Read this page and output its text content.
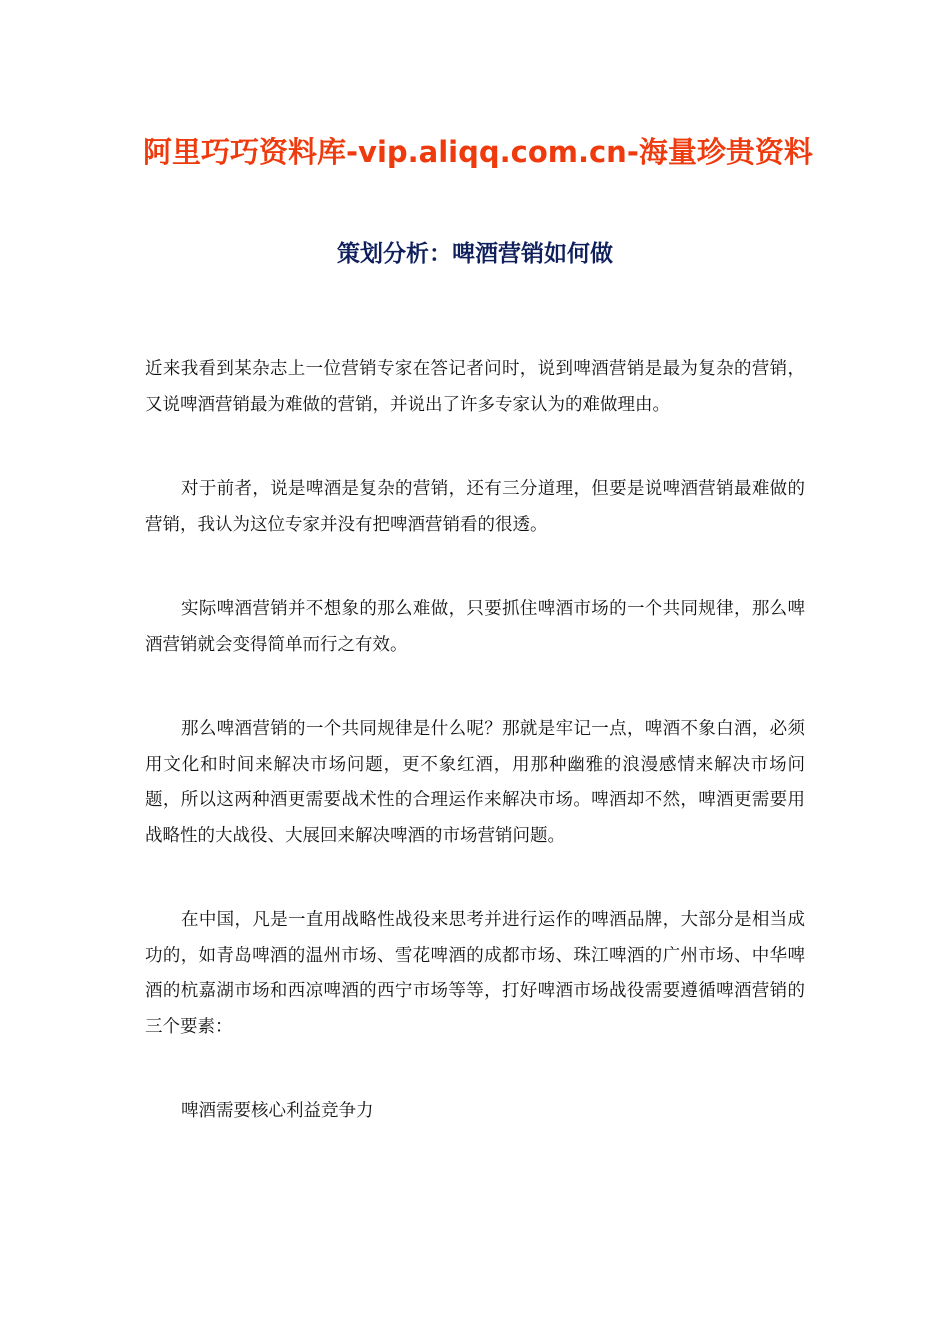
阿里巧巧资料库-vip.aliqq.com.cn-海量珍贵资料
策划分析：啤酒营销如何做

近来我看到某杂志上一位营销专家在答记者问时，说到啤酒营销是最为复杂的营销，又说啤酒营销最为难做的营销，并说出了许多专家认为的难做理由。

对于前者，说是啤酒是复杂的营销，还有三分道理，但要是说啤酒营销最难做的营销，我认为这位专家并没有把啤酒营销看的很透。

实际啤酒营销并不想象的那么难做，只要抓住啤酒市场的一个共同规律，那么啤酒营销就会变得简单而行之有效。

那么啤酒营销的一个共同规律是什么呢？那就是牢记一点，啤酒不象白酒，必须用文化和时间来解决市场问题，更不象红酒，用那种幽雅的浪漫感情来解决市场问题，所以这两种酒更需要战术性的合理运作来解决市场。啤酒却不然，啤酒更需要用战略性的大战役、大展回来解决啤酒的市场营销问题。

在中国，凡是一直用战略性战役来思考并进行运作的啤酒品牌，大部分是相当成功的，如青岛啤酒的温州市场、雪花啤酒的成都市场、珠江啤酒的广州市场、中华啤酒的杭嘉湖市场和西凉啤酒的西宁市场等等，打好啤酒市场战役需要遵循啤酒营销的三个要素：

啤酒需要核心利益竞争力
